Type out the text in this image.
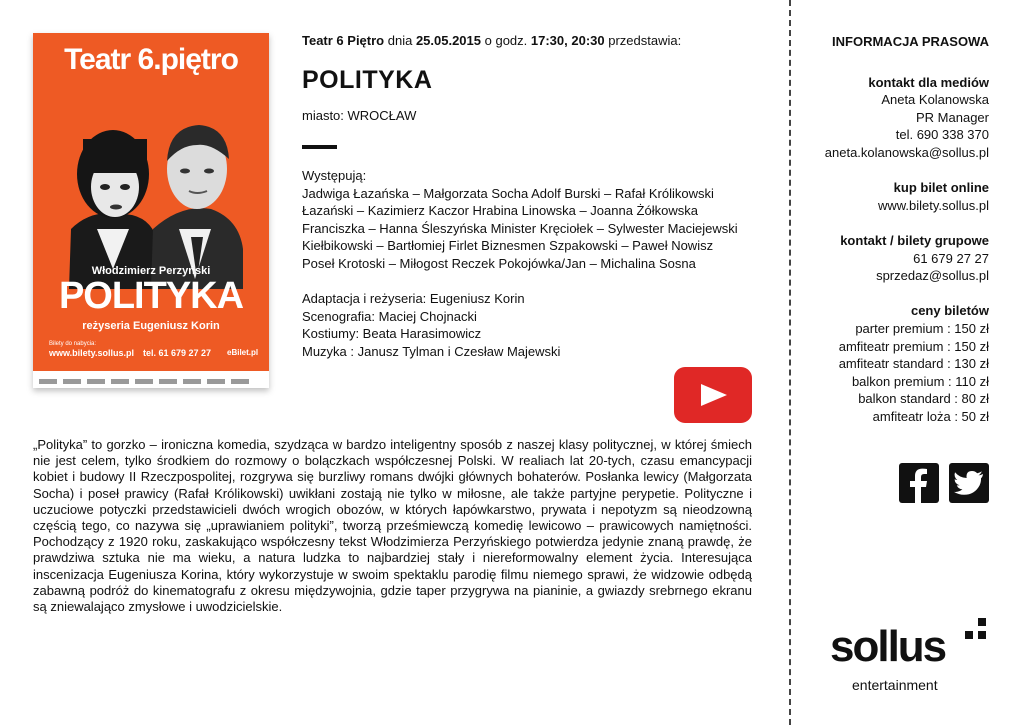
Teatr 6.piętro
Włodzimierz Perzyński
POLITYKA
reżyseria Eugeniusz Korin
Bilety do nabycia:
www.bilety.sollus.pl tel. 61 679 27 27 eBilet.pl
Teatr 6 Piętro dnia 25.05.2015 o godz. 17:30, 20:30 przedstawia:
POLITYKA
miasto: WROCŁAW
Występują:
Jadwiga Łazańska – Małgorzata Socha Adolf Burski – Rafał Królikowski
Łazański – Kazimierz Kaczor Hrabina Linowska – Joanna Żółkowska
Franciszka – Hanna Śleszyńska Minister Kręciołek – Sylwester Maciejewski
Kiełbikowski – Bartłomiej Firlet Biznesmen Szpakowski – Paweł Nowisz
Poseł Krotoski – Miłogost Reczek Pokojówka/Jan – Michalina Sosna
Adaptacja i reżyseria: Eugeniusz Korin
Scenografia: Maciej Chojnacki
Kostiumy: Beata Harasimowicz
Muzyka : Janusz Tylman i Czesław Majewski

„Polityka” to gorzko – ironiczna komedia, szydząca w bardzo inteligentny sposób z naszej klasy politycznej, w której śmiech nie jest celem, tylko środkiem do rozmowy o bolączkach współczesnej Polski. W realiach lat 20-tych, czasu emancypacji kobiet i budowy II Rzeczpospolitej, rozgrywa się burzliwy romans dwójki głównych bohaterów. Posłanka lewicy (Małgorzata Socha) i poseł prawicy (Rafał Królikowski) uwikłani zostają nie tylko w miłosne, ale także partyjne perypetie. Polityczne i uczuciowe potyczki przedstawicieli dwóch wrogich obozów, w których łapówkarstwo, prywata i nepotyzm są nieodzowną częścią tego, co nazywa się „uprawianiem polityki”, tworzą prześmiewczą komedię lewicowo – prawicowych namiętności. Pochodzący z 1920 roku, zaskakująco współczesny tekst Włodzimierza Perzyńskiego potwierdza jedynie znaną prawdę, że prawdziwa sztuka nie ma wieku, a natura ludzka to najbardziej stały i niereformowalny element życia. Interesująca inscenizacja Eugeniusza Korina, który wykorzystuje w swoim spektaklu parodię filmu niemego sprawi, że widzowie odbędą zabawną podróż do kinematografu z okresu międzywojnia, gdzie taper przygrywa na pianinie, a gwiazdy srebrnego ekranu są zniewalająco zmysłowe i uwodzicielskie.

INFORMACJA PRASOWA
kontakt dla mediów
Aneta Kolanowska
PR Manager
tel. 690 338 370
aneta.kolanowska@sollus.pl
kup bilet online
www.bilety.sollus.pl
kontakt / bilety grupowe
61 679 27 27
sprzedaz@sollus.pl
ceny biletów
parter premium : 150 zł
amfiteatr premium : 150 zł
amfiteatr standard : 130 zł
balkon premium : 110 zł
balkon standard : 80 zł
amfiteatr loża : 50 zł
sollus
entertainment
